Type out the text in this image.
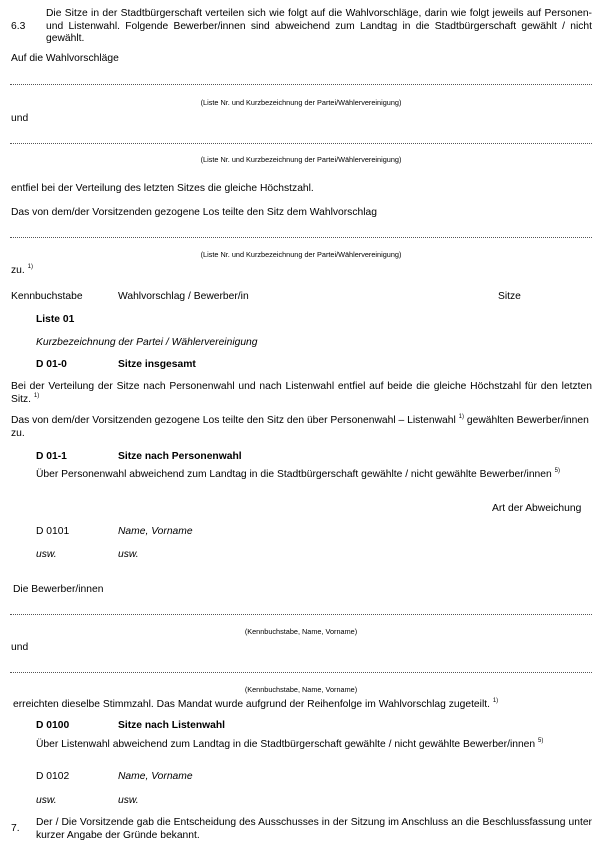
6.3
Die Sitze in der Stadtbürgerschaft verteilen sich wie folgt auf die Wahlvorschläge, darin wie folgt jeweils auf Personen- und Listenwahl. Folgende Bewerber/innen sind abweichend zum Landtag in die Stadtbürgerschaft gewählt / nicht gewählt.
Auf die Wahlvorschläge
(Liste Nr. und Kurzbezeichnung der Partei/Wählervereinigung)
und
(Liste Nr. und Kurzbezeichnung der Partei/Wählervereinigung)
entfiel bei der Verteilung des letzten Sitzes die gleiche Höchstzahl.
Das von dem/der Vorsitzenden gezogene Los teilte den Sitz dem Wahlvorschlag
(Liste Nr. und Kurzbezeichnung der Partei/Wählervereinigung)
zu. $^{1)}$
Kennbuchstabe	Wahlvorschlag / Bewerber/in	Sitze
Liste 01
Kurzbezeichnung der Partei / Wählervereinigung
D 01-0	Sitze insgesamt
Bei der Verteilung der Sitze nach Personenwahl und nach Listenwahl entfiel auf beide die gleiche Höchstzahl für den letzten Sitz. $^{1)}$
Das von dem/der Vorsitzenden gezogene Los teilte den Sitz den über Personenwahl – Listenwahl $^{1)}$ gewählten Bewerber/innen zu.
D 01-1	Sitze nach Personenwahl
Über Personenwahl abweichend zum Landtag in die Stadtbürgerschaft gewählte / nicht gewählte Bewerber/innen $^{5)}$
Art der Abweichung
D 0101	Name, Vorname
usw.	usw.
Die Bewerber/innen
(Kennbuchstabe, Name, Vorname)
und
(Kennbuchstabe, Name, Vorname)
erreichten dieselbe Stimmzahl. Das Mandat wurde aufgrund der Reihenfolge im Wahlvorschlag zugeteilt. $^{1)}$
D 0100	Sitze nach Listenwahl
Über Listenwahl abweichend zum Landtag in die Stadtbürgerschaft gewählte / nicht gewählte Bewerber/innen $^{5)}$
D 0102	Name, Vorname
usw.	usw.
7.
Der / Die Vorsitzende gab die Entscheidung des Ausschusses in der Sitzung im Anschluss an die Beschlussfassung unter kurzer Angabe der Gründe bekannt.
